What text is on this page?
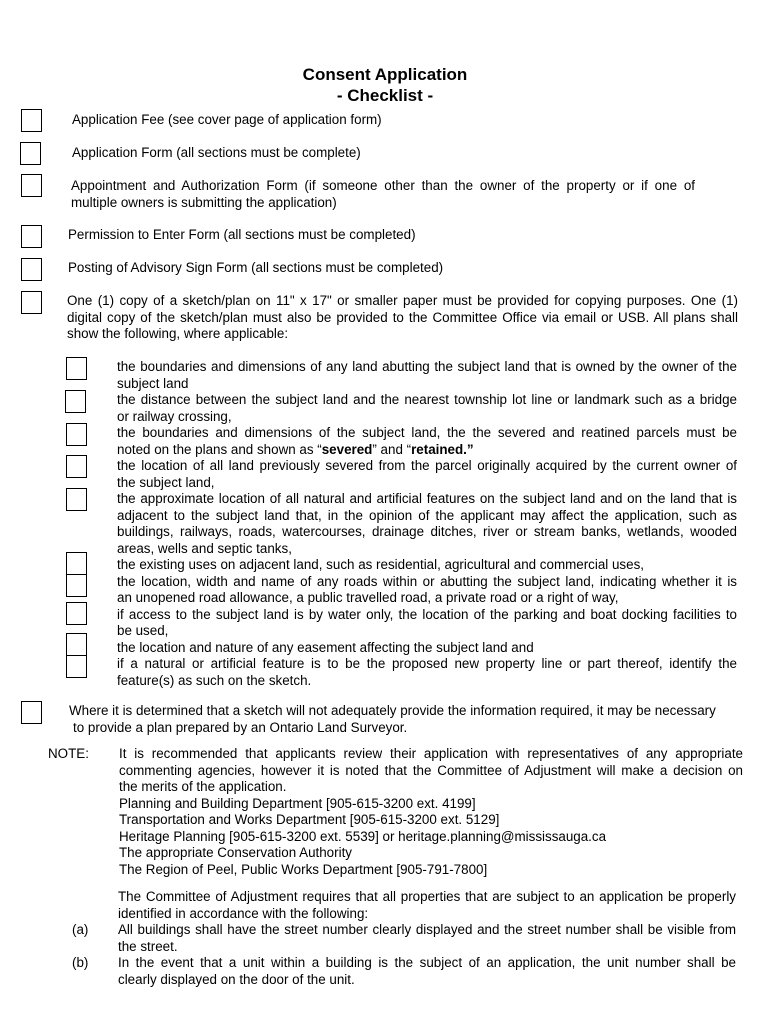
Consent Application
- Checklist -
Application Fee (see cover page of application form)
Application Form (all sections must be complete)
Appointment and Authorization Form (if someone other than the owner of the property or if one of
multiple owners is submitting the application)
Permission to Enter Form (all sections must be completed)
Posting of Advisory Sign Form (all sections must be completed)
One (1) copy of a sketch/plan on 11" x 17" or smaller paper must be provided for copying purposes. One (1)
digital copy of the sketch/plan must also be provided to the Committee Office via email or USB. All plans shall
show the following, where applicable:
the boundaries and dimensions of any land abutting the subject land that is owned by the owner of the
subject land
the distance between the subject land and the nearest township lot line or landmark such as a bridge
or railway crossing,
the boundaries and dimensions of the subject land, the the severed and reatined parcels must be
noted on the plans and shown as “severed” and “retained.”
the location of all land previously severed from the parcel originally acquired by the current owner of
the subject land,
the approximate location of all natural and artificial features on the subject land and on the land that is
adjacent to the subject land that, in the opinion of the applicant may affect the application, such as
buildings, railways, roads, watercourses, drainage ditches, river or stream banks, wetlands, wooded
areas, wells and septic tanks,
the existing uses on adjacent land, such as residential, agricultural and commercial uses,
the location, width and name of any roads within or abutting the subject land, indicating whether it is
an unopened road allowance, a public travelled road, a private road or a right of way,
if access to the subject land is by water only, the location of the parking and boat docking facilities to
be used,
the location and nature of any easement affecting the subject land and
if a natural or artificial feature is to be the proposed new property line or part thereof, identify the
feature(s) as such on the sketch.
Where it is determined that a sketch will not adequately provide the information required, it may be necessary
to provide a plan prepared by an Ontario Land Surveyor.
NOTE: It is recommended that applicants review their application with representatives of any appropriate
commenting agencies, however it is noted that the Committee of Adjustment will make a decision on
the merits of the application.
Planning and Building Department [905-615-3200 ext. 4199]
Transportation and Works Department [905-615-3200 ext. 5129]
Heritage Planning [905-615-3200 ext. 5539] or heritage.planning@mississauga.ca
The appropriate Conservation Authority
The Region of Peel, Public Works Department [905-791-7800]
The Committee of Adjustment requires that all properties that are subject to an application be properly
identified in accordance with the following:
(a) All buildings shall have the street number clearly displayed and the street number shall be visible from
the street.
(b) In the event that a unit within a building is the subject of an application, the unit number shall be
clearly displayed on the door of the unit.
